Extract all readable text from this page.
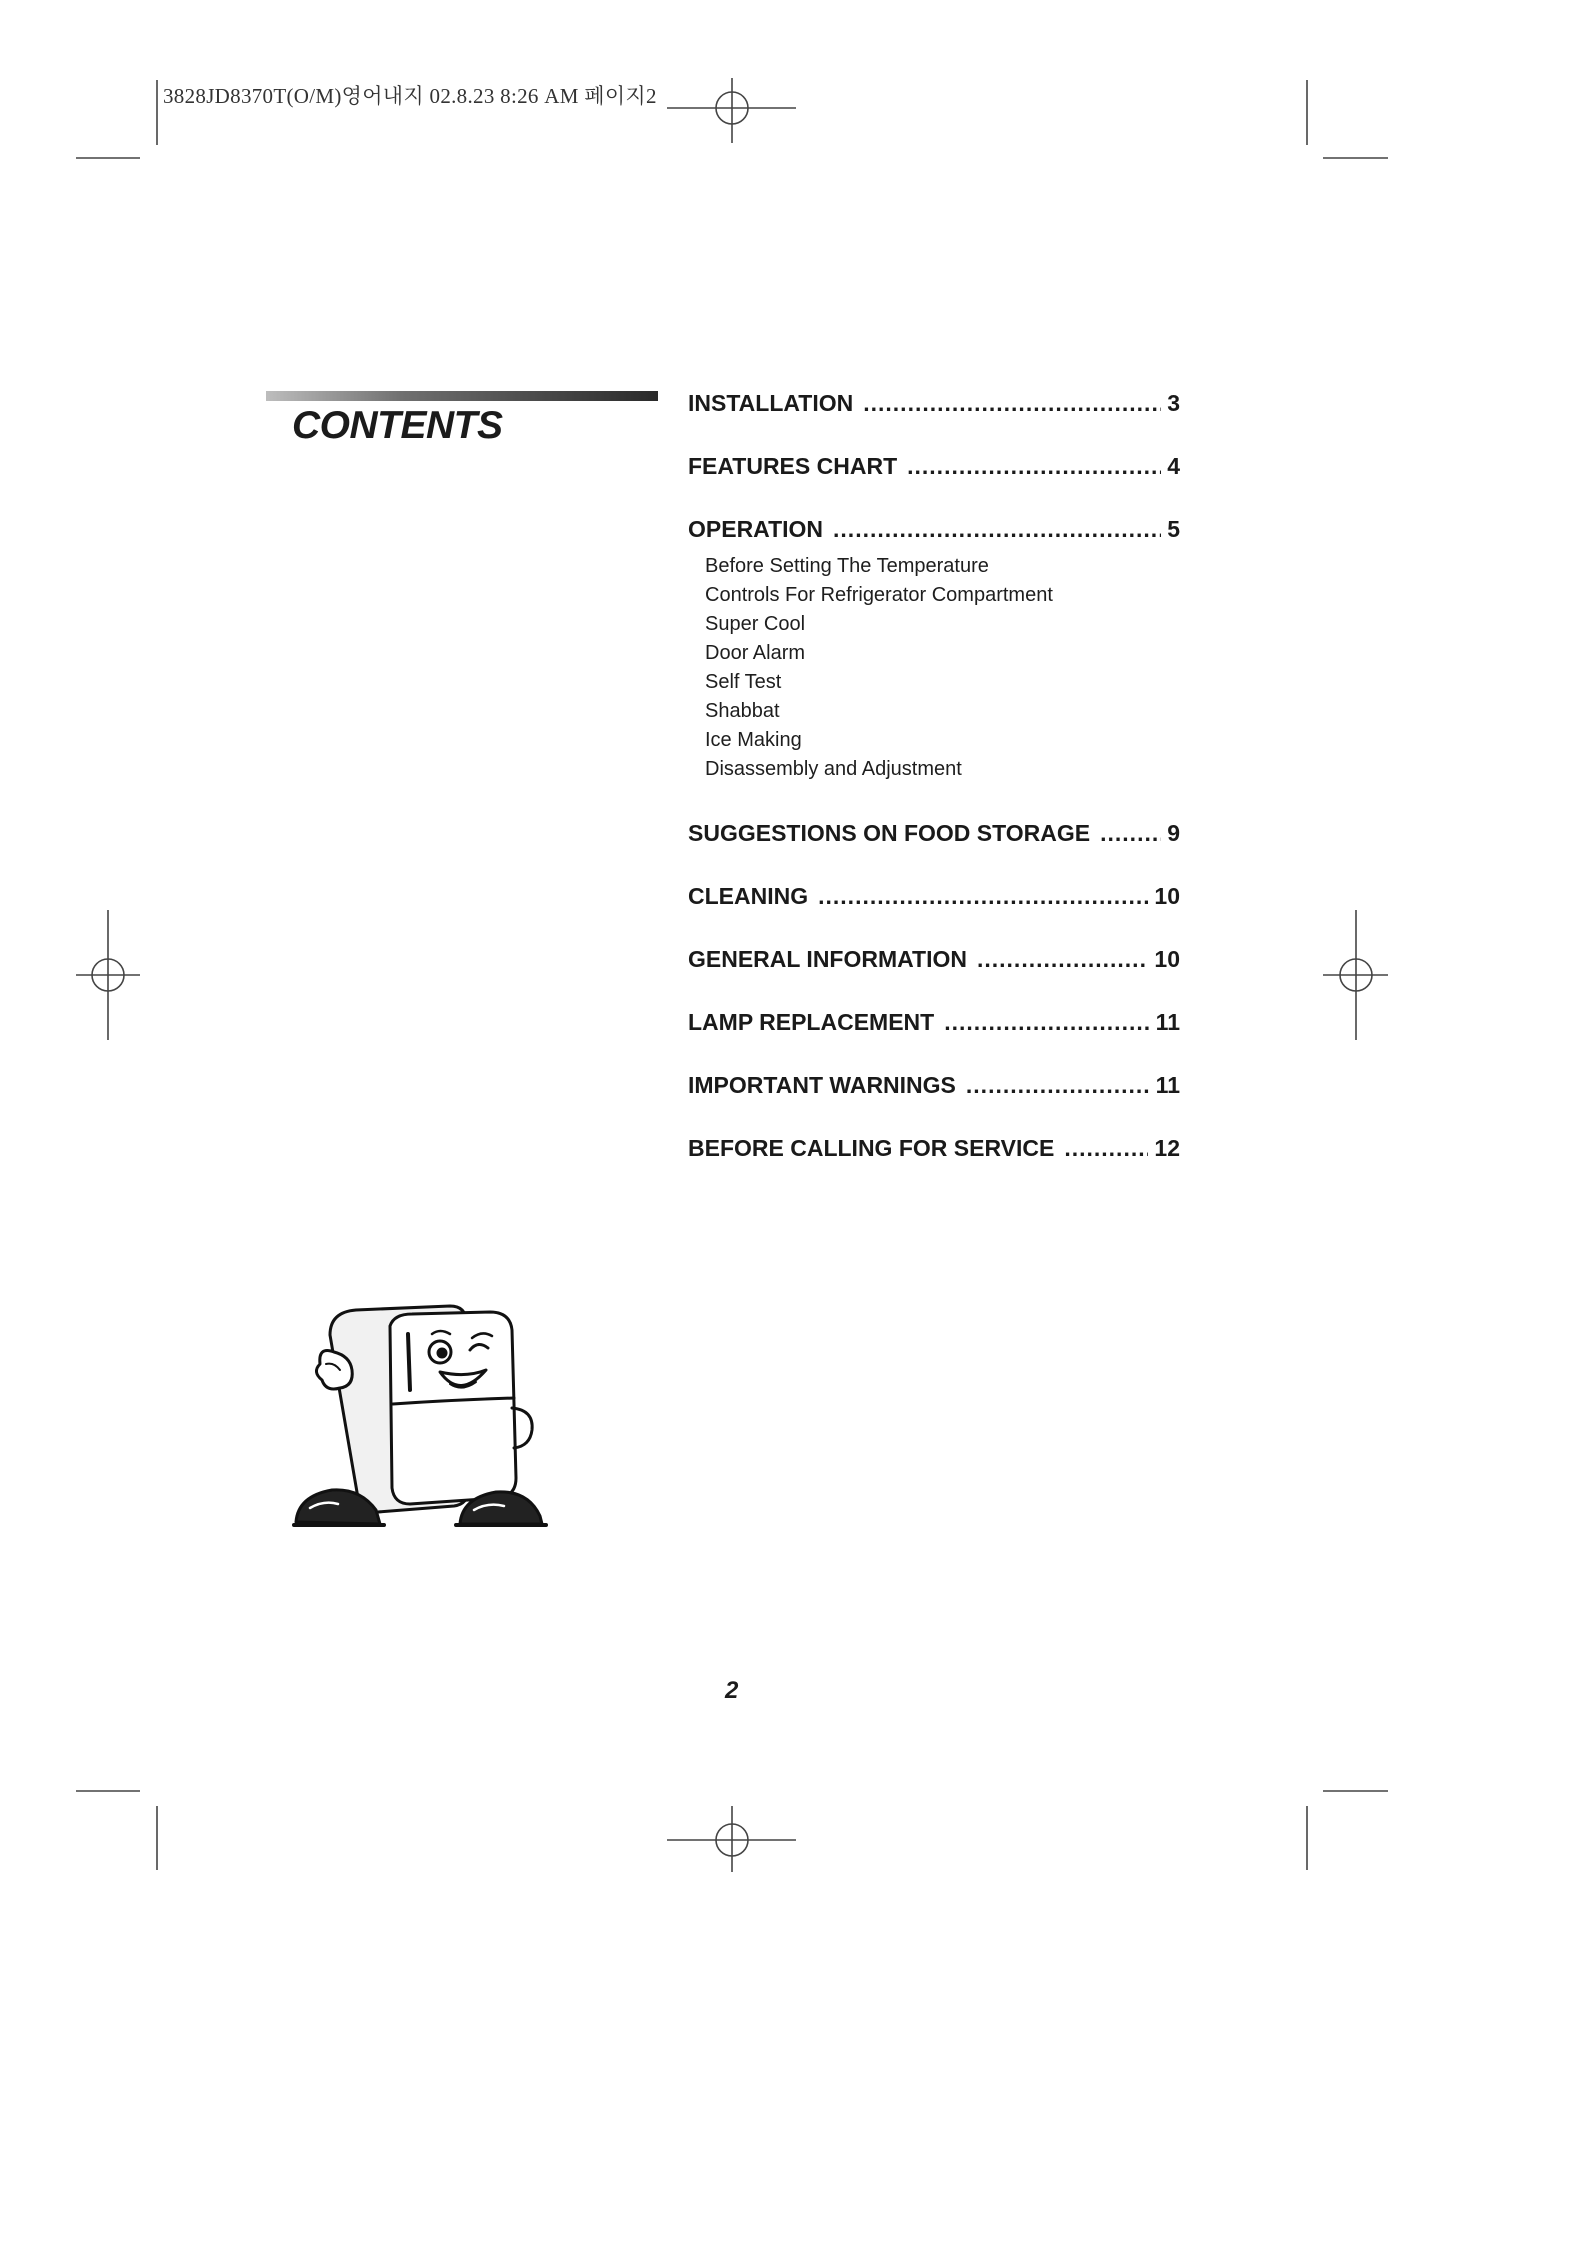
3828JD8370T(O/M)영어내지 02.8.23 8:26 AM 페이지2
CONTENTS
INSTALLATION .....	3
FEATURES CHART .....	4
OPERATION .....	5
Before Setting The Temperature
Controls For Refrigerator Compartment
Super Cool
Door Alarm
Self Test
Shabbat
Ice Making
Disassembly and Adjustment
SUGGESTIONS ON FOOD STORAGE .....	9
CLEANING .....	10
GENERAL INFORMATION .....	10
LAMP REPLACEMENT .....	11
IMPORTANT WARNINGS .....	11
BEFORE CALLING FOR SERVICE .....	12
2
